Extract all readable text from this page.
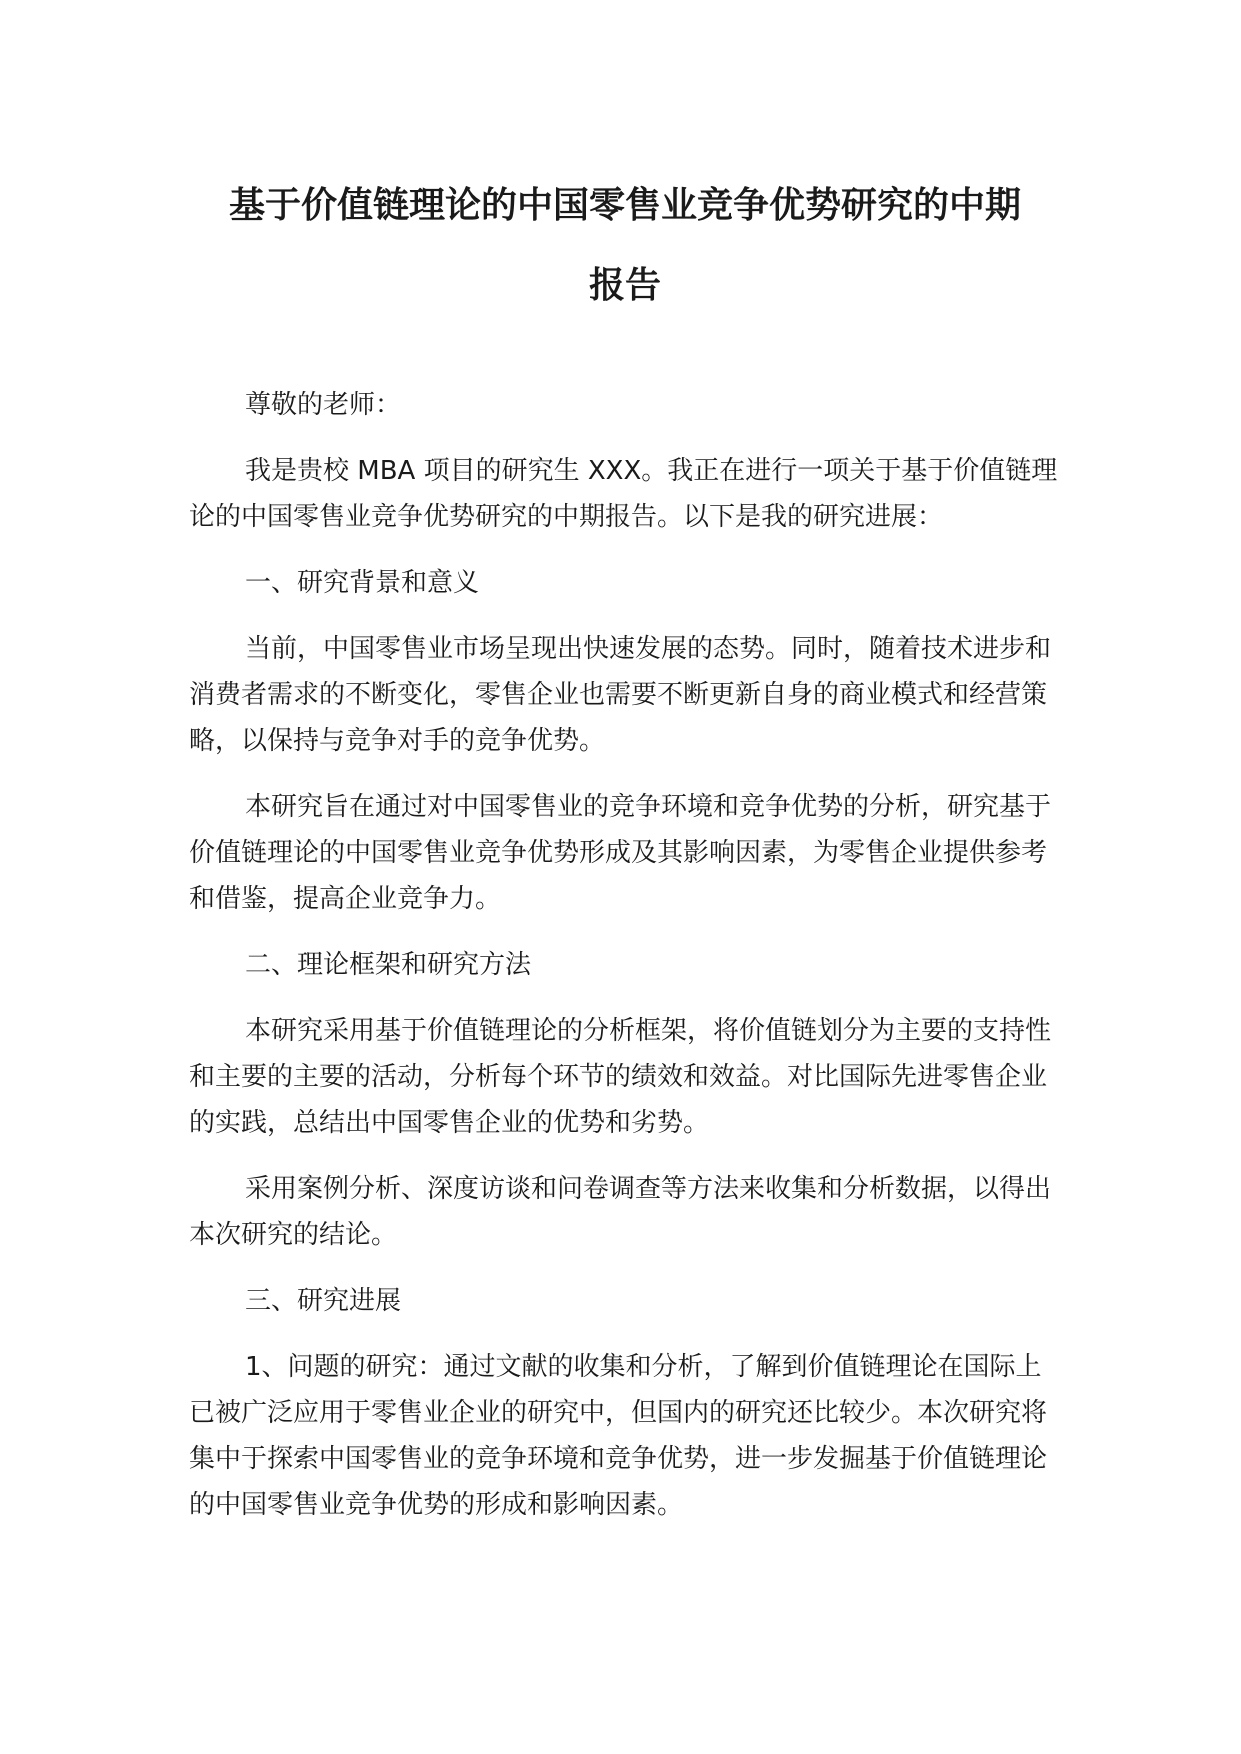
基于价值链理论的中国零售业竞争优势研究的中期
报告

尊敬的老师：

我是贵校 MBA 项目的研究生 XXX。我正在进行一项关于基于价值链理论的中国零售业竞争优势研究的中期报告。以下是我的研究进展：

一、研究背景和意义

当前，中国零售业市场呈现出快速发展的态势。同时，随着技术进步和消费者需求的不断变化，零售企业也需要不断更新自身的商业模式和经营策略，以保持与竞争对手的竞争优势。

本研究旨在通过对中国零售业的竞争环境和竞争优势的分析，研究基于价值链理论的中国零售业竞争优势形成及其影响因素，为零售企业提供参考和借鉴，提高企业竞争力。

二、理论框架和研究方法

本研究采用基于价值链理论的分析框架，将价值链划分为主要的支持性和主要的主要的活动，分析每个环节的绩效和效益。对比国际先进零售企业的实践，总结出中国零售企业的优势和劣势。

采用案例分析、深度访谈和问卷调查等方法来收集和分析数据，以得出本次研究的结论。

三、研究进展

1、问题的研究：通过文献的收集和分析，了解到价值链理论在国际上已被广泛应用于零售业企业的研究中，但国内的研究还比较少。本次研究将集中于探索中国零售业的竞争环境和竞争优势，进一步发掘基于价值链理论的中国零售业竞争优势的形成和影响因素。
